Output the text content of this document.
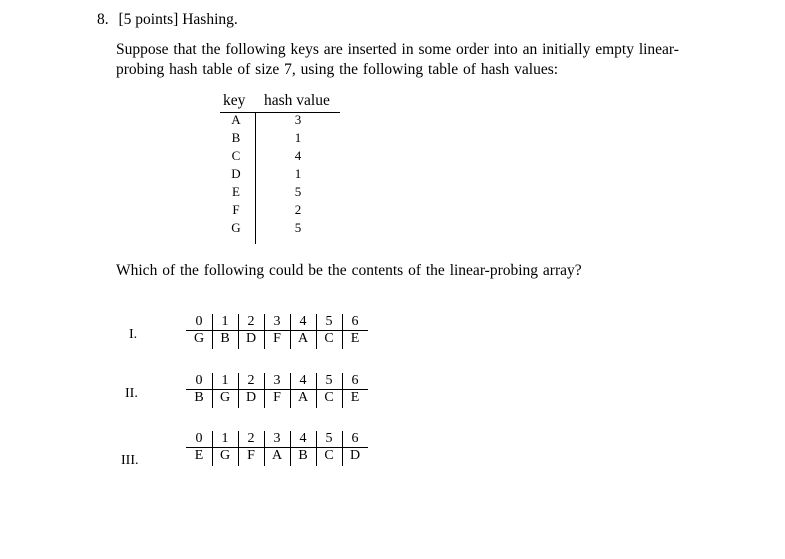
8. [5 points] Hashing.
Suppose that the following keys are inserted in some order into an initially empty linear-
probing hash table of size 7, using the following table of hash values:
key hash value
A	3
B	1
C	4
D	1
E	5
F	2
G	5
Which of the following could be the contents of the linear-probing array?
I.
0	1	2	3	4	5	6
G	B	D	F	A	C	E
II.
0	1	2	3	4	5	6
B	G	D	F	A	C	E
III.
0	1	2	3	4	5	6
E	G	F	A	B	C	D
